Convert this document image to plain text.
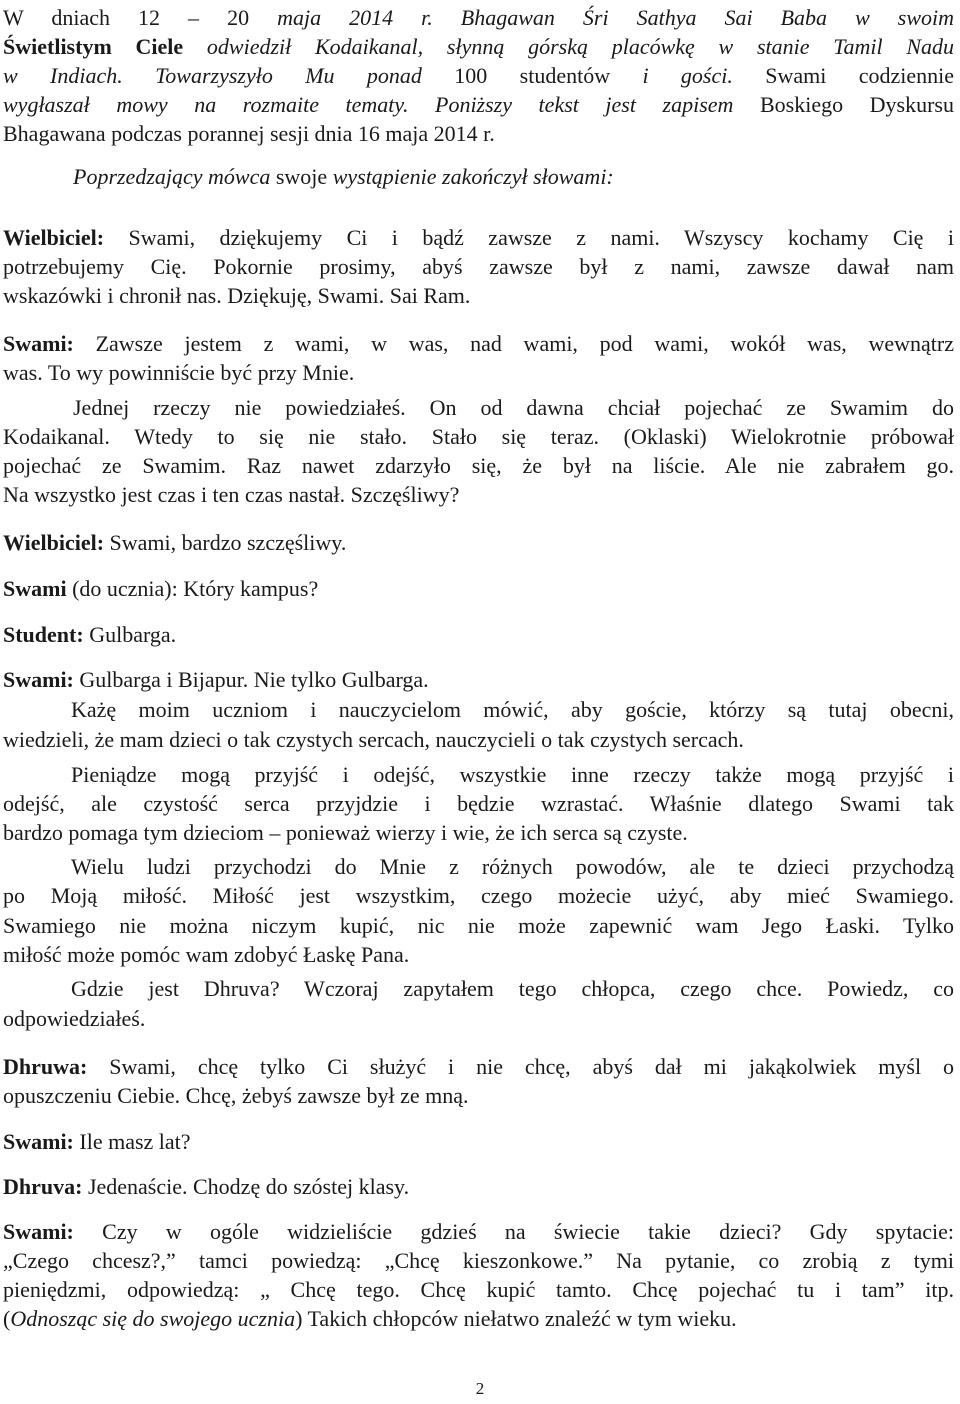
W dniach 12 – 20 maja 2014 r. Bhagawan Śri Sathya Sai Baba w swoim
Świetlistym Ciele odwiedził Kodaikanal, słynną górską placówkę w stanie Tamil Nadu
w Indiach. Towarzyszyło Mu ponad 100 studentów i gości. Swami codziennie
wygłaszał mowy na rozmaite tematy. Poniższy tekst jest zapisem Boskiego Dyskursu
Bhagawana podczas porannej sesji dnia 16 maja 2014 r.
Poprzedzający mówca swoje wystąpienie zakończył słowami:
Wielbiciel: Swami, dziękujemy Ci i bądź zawsze z nami. Wszyscy kochamy Cię i
potrzebujemy Cię. Pokornie prosimy, abyś zawsze był z nami, zawsze dawał nam
wskazówki i chronił nas. Dziękuję, Swami. Sai Ram.
Swami: Zawsze jestem z wami, w was, nad wami, pod wami, wokół was, wewnątrz
was. To wy powinniście być przy Mnie.
Jednej rzeczy nie powiedziałeś. On od dawna chciał pojechać ze Swamim do
Kodaikanal. Wtedy to się nie stało. Stało się teraz. (Oklaski) Wielokrotnie próbował
pojechać ze Swamim. Raz nawet zdarzyło się, że był na liście. Ale nie zabrałem go.
Na wszystko jest czas i ten czas nastał. Szczęśliwy?
Wielbiciel: Swami, bardzo szczęśliwy.
Swami (do ucznia): Który kampus?
Student: Gulbarga.
Swami: Gulbarga i Bijapur. Nie tylko Gulbarga.
Każę moim uczniom i nauczycielom mówić, aby goście, którzy są tutaj obecni,
wiedzieli, że mam dzieci o tak czystych sercach, nauczycieli o tak czystych sercach.
Pieniądze mogą przyjść i odejść, wszystkie inne rzeczy także mogą przyjść i
odejść, ale czystość serca przyjdzie i będzie wzrastać. Właśnie dlatego Swami tak
bardzo pomaga tym dzieciom – ponieważ wierzy i wie, że ich serca są czyste.
Wielu ludzi przychodzi do Mnie z różnych powodów, ale te dzieci przychodzą
po Moją miłość. Miłość jest wszystkim, czego możecie użyć, aby mieć Swamiego.
Swamiego nie można niczym kupić, nic nie może zapewnić wam Jego Łaski. Tylko
miłość może pomóc wam zdobyć Łaskę Pana.
Gdzie jest Dhruva? Wczoraj zapytałem tego chłopca, czego chce. Powiedz, co
odpowiedziałeś.
Dhruwa: Swami, chcę tylko Ci służyć i nie chcę, abyś dał mi jakąkolwiek myśl o
opuszczeniu Ciebie. Chcę, żebyś zawsze był ze mną.
Swami: Ile masz lat?
Dhruva: Jedenaście. Chodzę do szóstej klasy.
Swami: Czy w ogóle widzieliście gdzieś na świecie takie dzieci? Gdy spytacie:
„Czego chcesz?,” tamci powiedzą: „Chcę kieszonkowe.” Na pytanie, co zrobią z tymi
pieniędzmi, odpowiedzą: „ Chcę tego. Chcę kupić tamto. Chcę pojechać tu i tam” itp.
(Odnosząc się do swojego ucznia) Takich chłopców niełatwo znaleźć w tym wieku.
2
